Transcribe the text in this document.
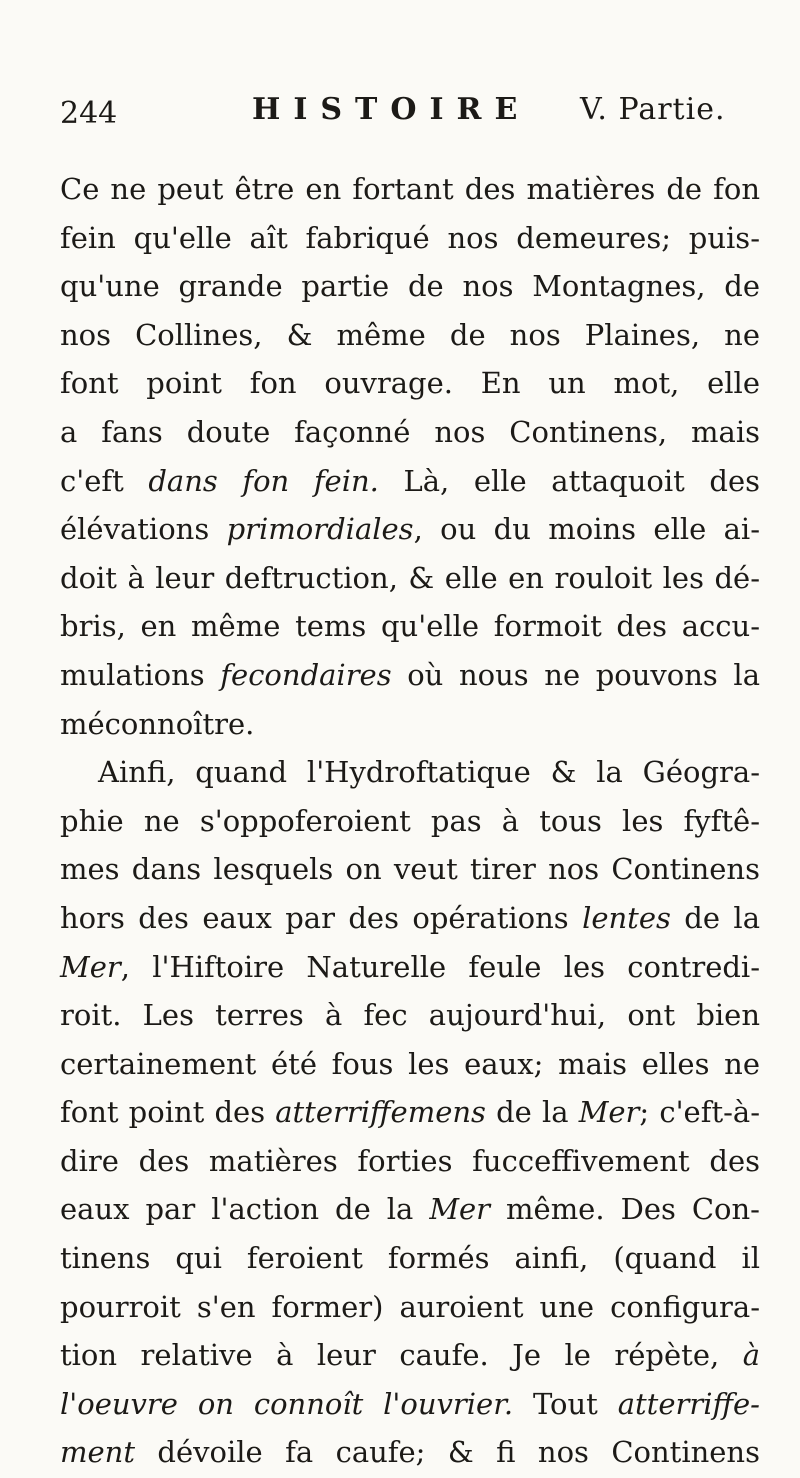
244	HISTOIRE V. Partie.
Ce ne peut être en fortant des matières de fon
fein qu'elle aît fabriqué nos demeures; puis-
qu'une grande partie de nos Montagnes, de
nos Collines, & même de nos Plaines, ne
font point fon ouvrage. En un mot, elle
a fans doute façonné nos Continens, mais
c'eft dans fon fein. Là, elle attaquoit des
élévations primordiales, ou du moins elle ai-
doit à leur deftruction, & elle en rouloit les dé-
bris, en même tems qu'elle formoit des accu-
mulations fecondaires où nous ne pouvons la
méconnoître.
Ainfi, quand l'Hydroftatique & la Géogra-
phie ne s'oppoferoient pas à tous les fyftê-
mes dans lesquels on veut tirer nos Continens
hors des eaux par des opérations lentes de la
Mer, l'Hiftoire Naturelle feule les contredi-
roit. Les terres à fec aujourd'hui, ont bien
certainement été fous les eaux; mais elles ne
font point des atterriffemens de la Mer; c'eft-à-
dire des matières forties fucceffivement des
eaux par l'action de la Mer même. Des Con-
tinens qui feroient formés ainfi, (quand il
pourroit s'en former) auroient une configura-
tion relative à leur caufe. Je le répète, à
l'oeuvre on connoît l'ouvrier. Tout atterriffe-
ment dévoile fa caufe; & fi nos Continens
